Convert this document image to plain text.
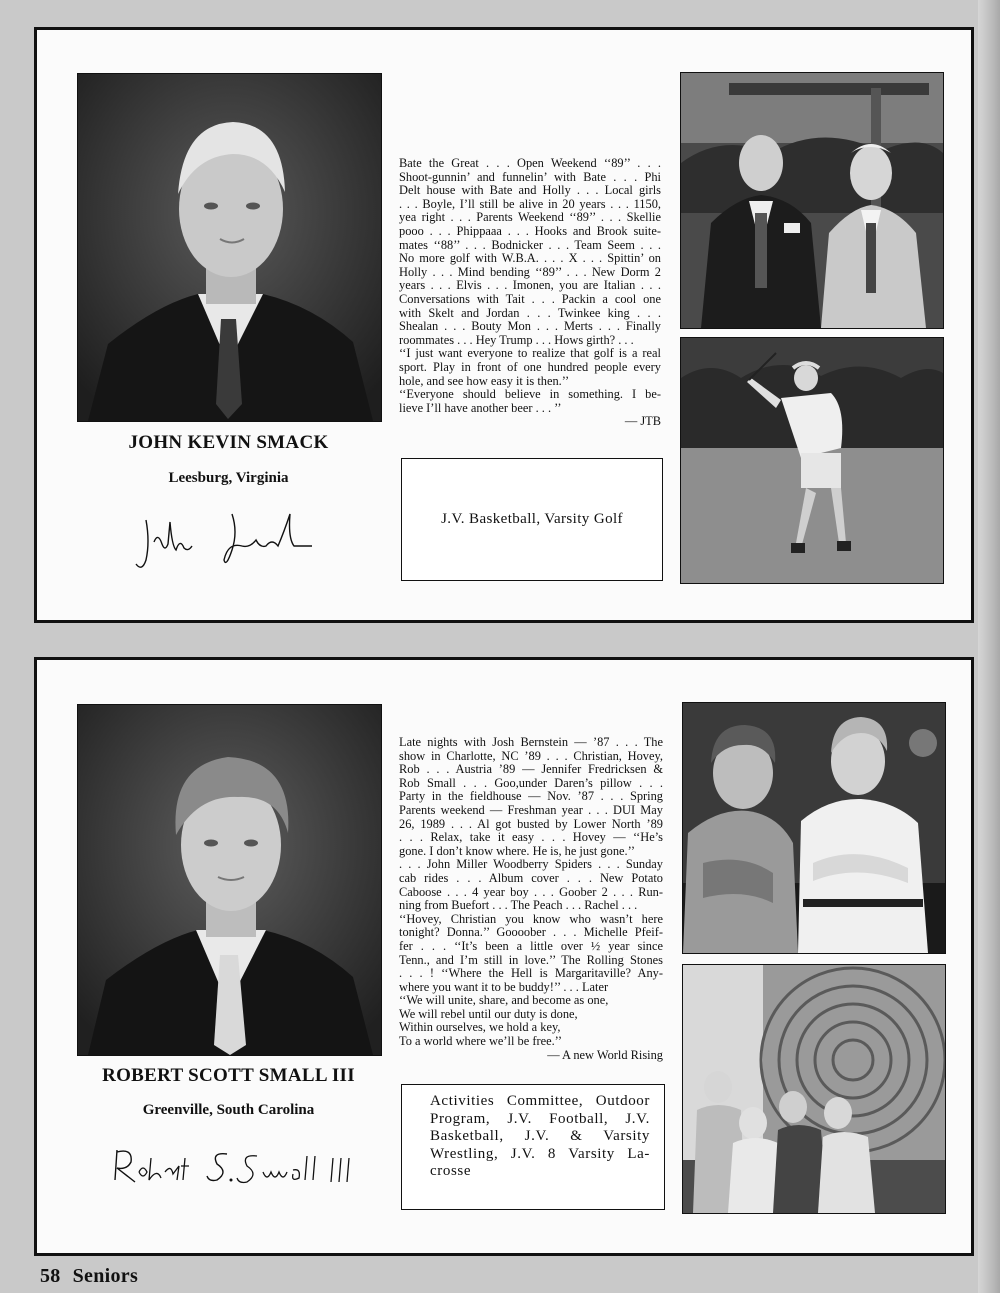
JOHN KEVIN SMACK
Leesburg, Virginia

Bate the Great . . . Open Weekend ‘‘89’’ . . .

Shoot-gunnin’ and funnelin’ with Bate . . . Phi

Delt house with Bate and Holly . . . Local girls

. . . Boyle, I’ll still be alive in 20 years . . . 1150,

yea right . . . Parents Weekend ‘‘89’’ . . . Skellie

pooo . . . Phippaaa . . . Hooks and Brook suite-

mates ‘‘88’’ . . . Bodnicker . . . Team Seem . . .

No more golf with W.B.A. . . . X . . . Spittin’ on

Holly . . . Mind bending ‘‘89’’ . . . New Dorm 2

years . . . Elvis . . . Imonen, you are Italian . . .

Conversations with Tait . . . Packin a cool one

with Skelt and Jordan . . . Twinkee king . . .

Shealan . . . Bouty Mon . . . Merts . . . Finally

roommates . . . Hey Trump . . . Hows girth? . . .

‘‘I just want everyone to realize that golf is a real

sport. Play in front of one hundred people every

hole, and see how easy it is then.’’

‘‘Everyone should believe in something. I be-

lieve I’ll have another beer . . . ’’

— JTB

J.V. Basketball, Varsity Golf
ROBERT SCOTT SMALL III
Greenville, South Carolina

Late nights with Josh Bernstein — ’87 . . . The

show in Charlotte, NC ’89 . . . Christian, Hovey,

Rob . . . Austria ’89 — Jennifer Fredricksen &

Rob Small . . . Goo,under Daren’s pillow . . .

Party in the fieldhouse — Nov. ’87 . . . Spring

Parents weekend — Freshman year . . . DUI May

26, 1989 . . . Al got busted by Lower North ’89

. . . Relax, take it easy . . . Hovey — ‘‘He’s

gone. I don’t know where. He is, he just gone.’’

. . . John Miller Woodberry Spiders . . . Sunday

cab rides . . . Album cover . . . New Potato

Caboose . . . 4 year boy . . . Goober 2 . . . Run-

ning from Buefort . . . The Peach . . . Rachel . . .

‘‘Hovey, Christian you know who wasn’t here

tonight? Donna.’’ Goooober . . . Michelle Pfeif-

fer . . . ‘‘It’s been a little over ½ year since

Tenn., and I’m still in love.’’ The Rolling Stones

. . . ! ‘‘Where the Hell is Margaritaville? Any-

where you want it to be buddy!’’ . . . Later

‘‘We will unite, share, and become as one,

We will rebel until our duty is done,

Within ourselves, we hold a key,

To a world where we’ll be free.’’

— A new World Rising

Activities Committee, Outdoor Program, J.V. Football, J.V. Basketball, J.V. & Varsity Wrestling, J.V. 8 Varsity La-crosse
58 Seniors
